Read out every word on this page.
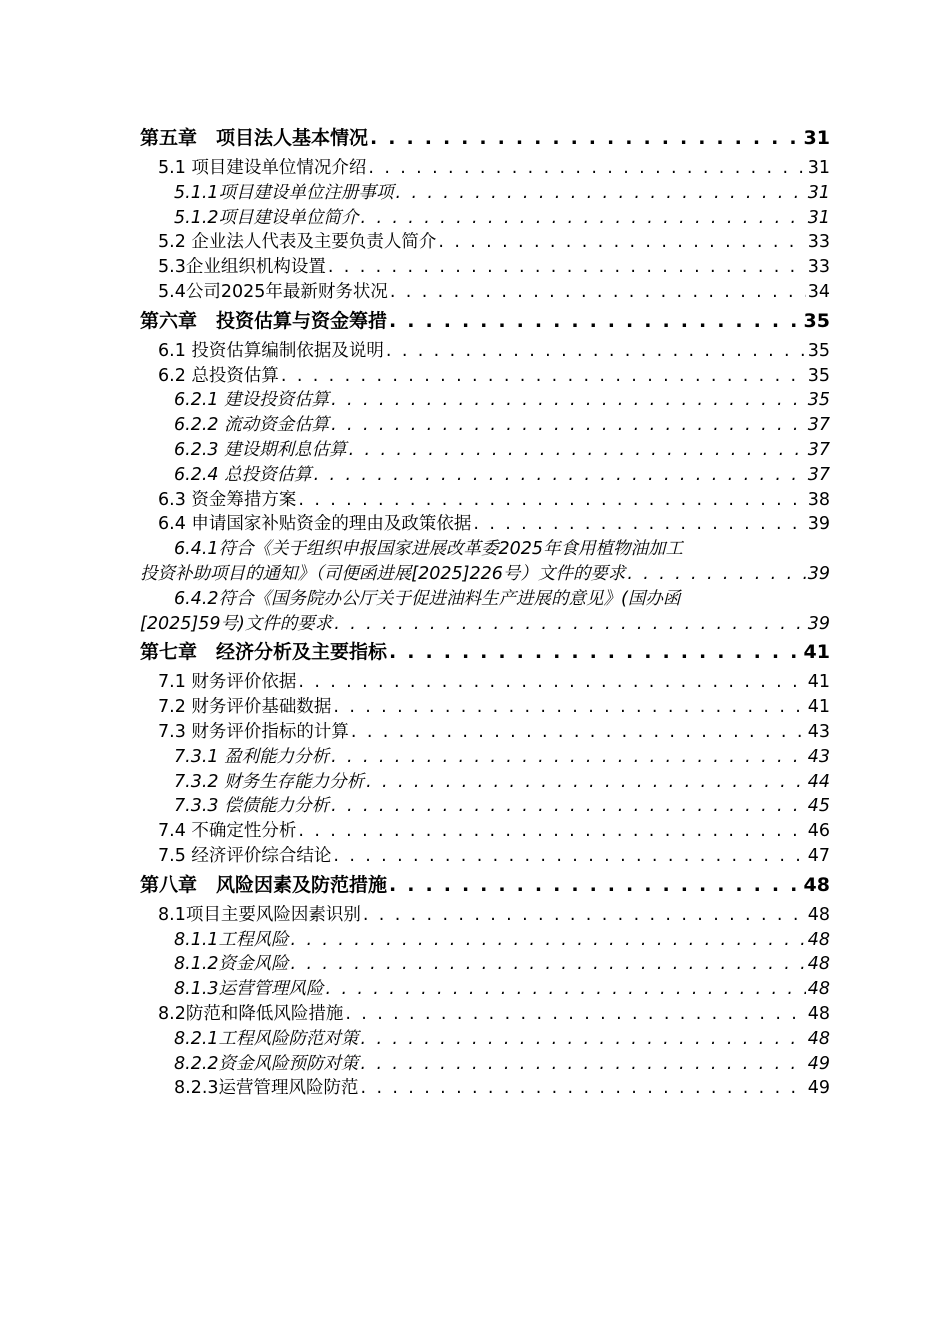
第五章　项目法人基本情况 . . .	31
5.1 项目建设单位情况介绍 . . .	31
5.1.1项目建设单位注册事项 . . .	31
5.1.2项目建设单位简介 . . .	31
5.2 企业法人代表及主要负责人简介 . . .	33
5.3企业组织机构设置 . . .	33
5.4公司2025年最新财务状况 . . .	34
第六章　投资估算与资金筹措 . . .	35
6.1 投资估算编制依据及说明 . . .	35
6.2 总投资估算 . . .	35
6.2.1 建设投资估算 . . .	35
6.2.2 流动资金估算 . . .	37
6.2.3 建设期利息估算 . . .	37
6.2.4 总投资估算 . . .	37
6.3 资金筹措方案 . . .	38
6.4 申请国家补贴资金的理由及政策依据 . . .	39
6.4.1符合《关于组织申报国家进展改革委2025年食用植物油加工
投资补助项目的通知》（司便函进展[2025]226号）文件的要求 . . .	39
6.4.2符合《国务院办公厅关于促进油料生产进展的意见》(国办函
[2025]59号)文件的要求 . . .	39
第七章　经济分析及主要指标 . . .	41
7.1 财务评价依据 . . .	41
7.2 财务评价基础数据 . . .	41
7.3 财务评价指标的计算 . . .	43
7.3.1 盈利能力分析 . . .	43
7.3.2 财务生存能力分析 . . .	44
7.3.3 偿债能力分析 . . .	45
7.4 不确定性分析 . . .	46
7.5 经济评价综合结论 . . .	47
第八章　风险因素及防范措施 . . .	48
8.1项目主要风险因素识别 . . .	48
8.1.1工程风险 . . .	48
8.1.2资金风险 . . .	48
8.1.3运营管理风险 . . .	48
8.2防范和降低风险措施 . . .	48
8.2.1工程风险防范对策 . . .	48
8.2.2资金风险预防对策 . . .	49
8.2.3运营管理风险防范 . . .	49
